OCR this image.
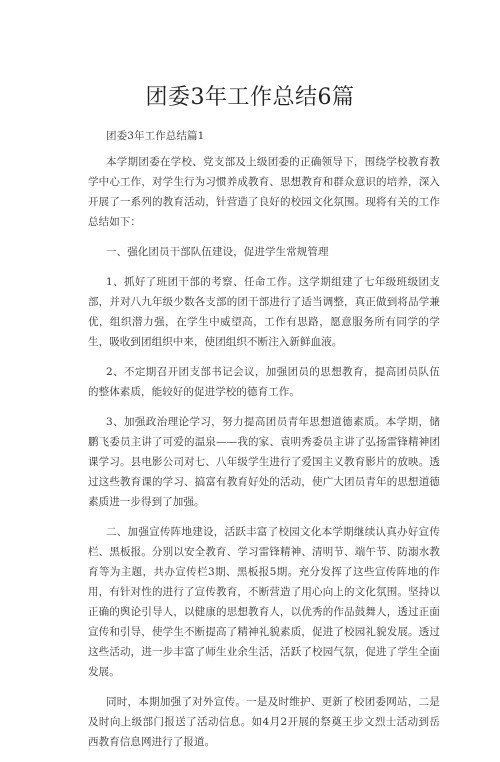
团委3年工作总结6篇

团委3年工作总结篇1

本学期团委在学校、党支部及上级团委的正确领导下，围绕学校教育教学中心工作，对学生行为习惯养成教育、思想教育和群众意识的培养，深入开展了一系列的教育活动，针营造了良好的校园文化氛围。现将有关的工作总结如下：

一、强化团员干部队伍建设，促进学生常规管理

1、抓好了班团干部的考察、任命工作。这学期组建了七年级班级团支部，并对八九年级少数各支部的团干部进行了适当调整，真正做到将品学兼优，组织潜力强，在学生中威望高，工作有思路，愿意服务所有同学的学生，吸收到团组织中来，使团组织不断注入新鲜血液。

2、不定期召开团支部书记会议，加强团员的思想教育，提高团员队伍的整体素质，能较好的促进学校的德育工作。

3、加强政治理论学习，努力提高团员青年思想道德素质。本学期，储鹏飞委员主讲了可爱的温泉——我的家、袁明秀委员主讲了弘扬雷锋精神团课学习。县电影公司对七、八年级学生进行了爱国主义教育影片的放映。透过这些教育课的学习、搞富有教育好处的活动，使广大团员青年的思想道德素质进一步得到了加强。

二、加强宣传阵地建设，活跃丰富了校园文化本学期继续认真办好宣传栏、黑板报。分别以安全教育、学习雷锋精神、清明节、端午节、防溺水教育等为主题，共办宣传栏3期、黑板报5期。充分发挥了这些宣传阵地的作用，有针对性的进行了宣传教育，不断营造了用心向上的文化氛围。坚持以正确的舆论引导人，以健康的思想教育人，以优秀的作品鼓舞人，透过正面宣传和引导，使学生不断提高了精神礼貌素质，促进了校园礼貌发展。透过这些活动，进一步丰富了师生业余生活，活跃了校园气氛，促进了学生全面发展。

同时，本期加强了对外宣传。一是及时维护、更新了校团委网站，二是及时向上级部门报送了活动信息。如4月2开展的祭奠王步文烈士活动到岳西教育信息网进行了报道。
